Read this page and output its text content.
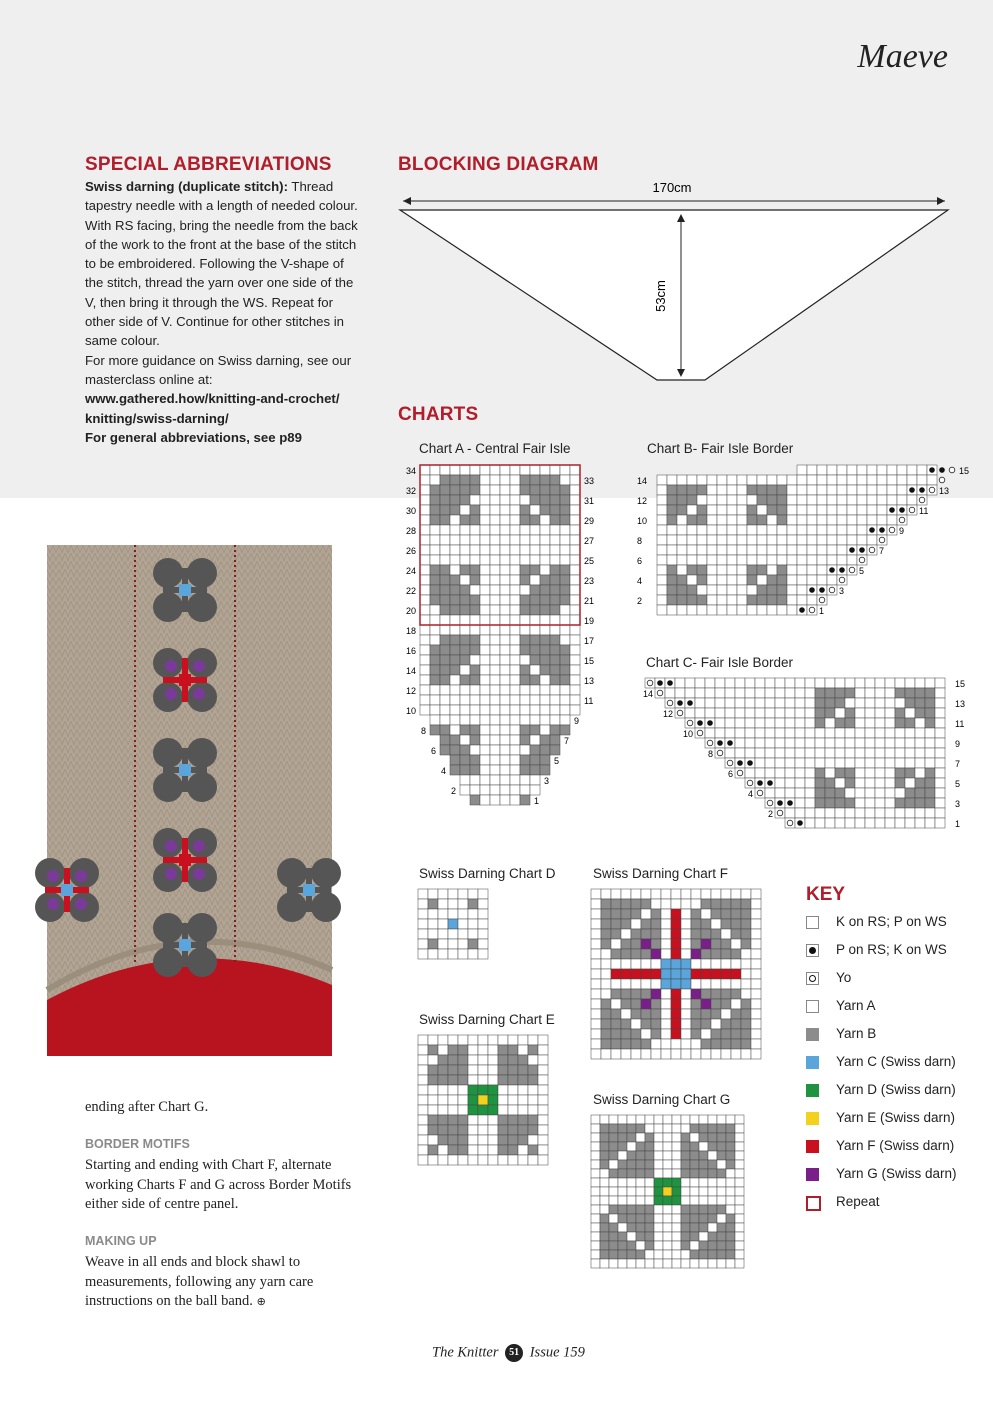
Maeve
SPECIAL ABBREVIATIONS

Swiss darning (duplicate stitch): Thread tapestry needle with a length of needed colour. With RS facing, bring the needle from the back of the work to the front at the base of the stitch to be embroidered. Following the V-shape of the stitch, thread the yarn over one side of the V, then bring it through the WS. Repeat for other side of V. Continue for other stitches in same colour.

For more guidance on Swiss darning, see our masterclass online at:

www.gathered.how/knitting-and-crochet/ knitting/swiss-darning/

For general abbreviations, see p89

ending after Chart G.

BORDER MOTIFS

Starting and ending with Chart F, alternate working Charts F and G across Border Motifs either side of centre panel.

MAKING UP

Weave in all ends and block shawl to measurements, following any yarn care instructions on the ball band. ⊕

BLOCKING DIAGRAM
170cm
53cm
CHARTS
Chart A - Central Fair Isle	Chart B- Fair Isle Border
Chart C- Fair Isle Border
Swiss Darning Chart D	Swiss Darning Chart F
Swiss Darning Chart E
Swiss Darning Chart G
34
32
30
28
26
24
22
20
18
16
14
12
10
8
6
4
2
33
31
29
27
25
23
21
19
17
15
13
11
9
7
5
3
1
14
12
10
8
6
4
2
15
13
11
9
7
5
3
1
14
12
10
8
6
4
2
15
13
11
9
7
5
3
1
KEY
K on RS; P on WS
P on RS; K on WS
Yo
Yarn A
Yarn B
Yarn C (Swiss darn)
Yarn D (Swiss darn)
Yarn E (Swiss darn)
Yarn F (Swiss darn)
Yarn G (Swiss darn)
Repeat
The Knitter 51 Issue 159
